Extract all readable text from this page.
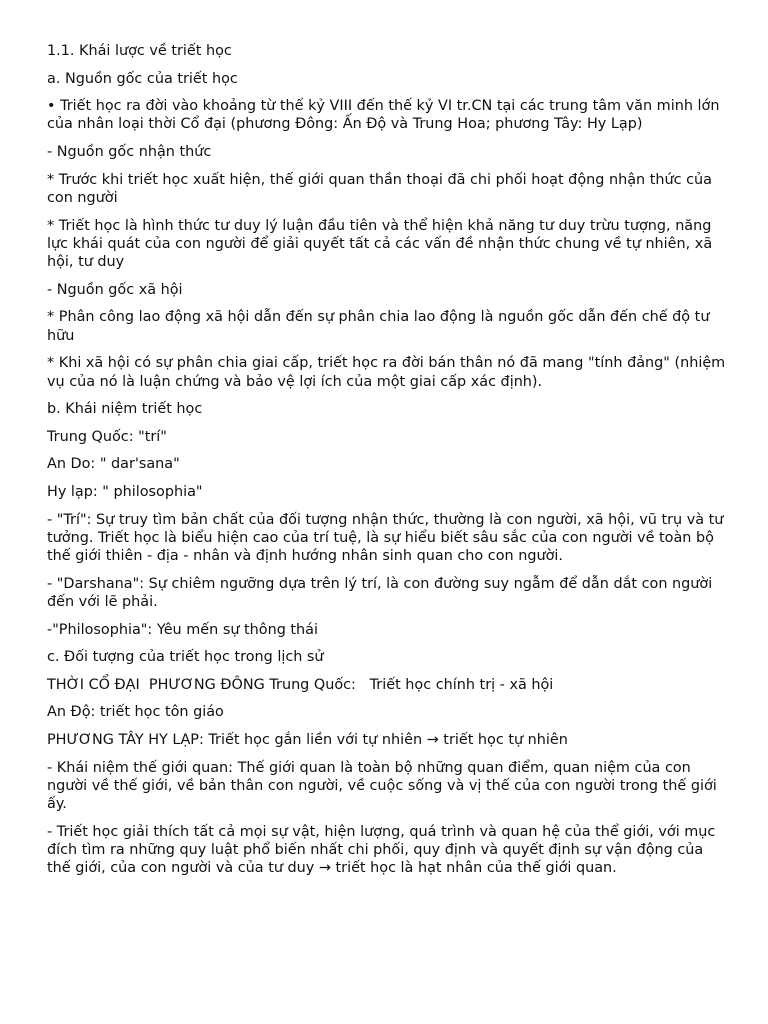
1.1. Khái lược về triết học

a. Nguồn gốc của triết học

• Triết học ra đời vào khoảng từ thế kỷ VIII đến thế kỷ VI tr.CN tại các trung tâm văn minh lớn của nhân loại thời Cổ đại (phương Đông: Ấn Độ và Trung Hoa; phương Tây: Hy Lạp)

- Nguồn gốc nhận thức

* Trước khi triết học xuất hiện, thế giới quan thần thoại đã chi phối hoạt động nhận thức của con người

* Triết học là hình thức tư duy lý luận đầu tiên và thể hiện khả năng tư duy trừu tượng, năng lực khái quát của con người để giải quyết tất cả các vấn đề nhận thức chung về tự nhiên, xã hội, tư duy

- Nguồn gốc xã hội

* Phân công lao động xã hội dẫn đến sự phân chia lao động là nguồn gốc dẫn đến chế độ tư hữu

* Khi xã hội có sự phân chia giai cấp, triết học ra đời bán thân nó đã mang "tính đảng" (nhiệm vụ của nó là luận chứng và bảo vệ lợi ích của một giai cấp xác định).

b. Khái niệm triết học

Trung Quốc: "trí"

An Do: " dar'sana"

Hy lạp: " philosophia"

- "Trí": Sự truy tìm bản chất của đối tượng nhận thức, thường là con người, xã hội, vũ trụ và tư tưởng. Triết học là biểu hiện cao của trí tuệ, là sự hiểu biết sâu sắc của con người về toàn bộ thế giới thiên - địa - nhân và định hướng nhân sinh quan cho con người.

- "Darshana": Sự chiêm ngưỡng dựa trên lý trí, là con đường suy ngẫm để dẫn dắt con người đến với lẽ phải.

-"Philosophia": Yêu mến sự thông thái

c. Đối tượng của triết học trong lịch sử

THỜI CỔ ĐẠI  PHƯƠNG ĐÔNG Trung Quốc:   Triết học chính trị - xã hội

An Độ: triết học tôn giáo

PHƯƠNG TÂY HY LẠP: Triết học gắn liền với tự nhiên → triết học tự nhiên

- Khái niệm thế giới quan: Thế giới quan là toàn bộ những quan điểm, quan niệm của con người về thế giới, về bản thân con người, về cuộc sống và vị thế của con người trong thế giới ấy.

- Triết học giải thích tất cả mọi sự vật, hiện lượng, quá trình và quan hệ của thể giới, với mục đích tìm ra những quy luật phổ biến nhất chi phối, quy định và quyết định sự vận động của thế giới, của con người và của tư duy → triết học là hạt nhân của thế giới quan.
